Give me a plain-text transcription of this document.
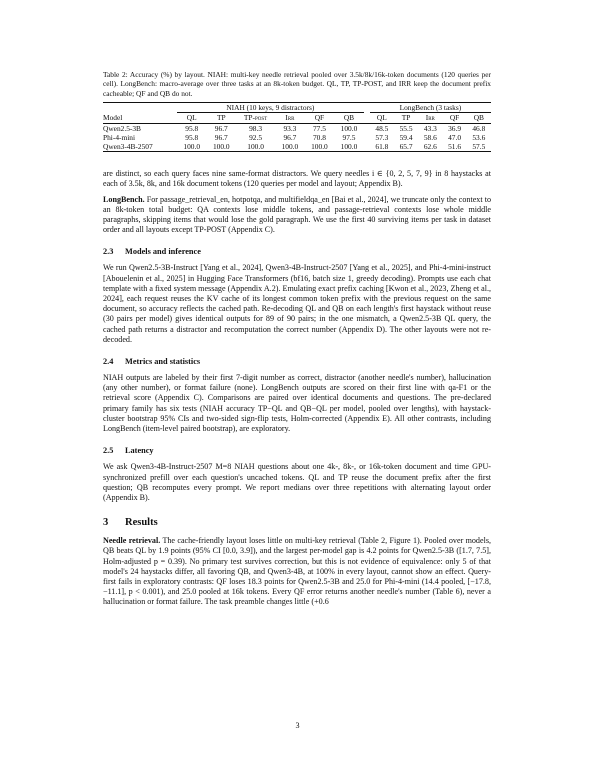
Table 2: Accuracy (%) by layout. NIAH: multi-key needle retrieval pooled over 3.5k/8k/16k-token documents (120 queries per cell). LongBench: macro-average over three tasks at an 8k-token budget. QL, TP, TP-POST, and IRR keep the document prefix cacheable; QF and QB do not.

	NIAH (10 keys, 9 distractors)							LongBench (3 tasks)				
Model	QL	TP	TP-post	Irr	QF	QB		QL	TP	Irr	QF	QB
Qwen2.5-3B	95.8	96.7	98.3	93.3	77.5	100.0		48.5	55.5	43.3	36.9	46.8
Phi-4-mini	95.8	96.7	92.5	96.7	70.8	97.5		57.3	59.4	58.6	47.0	53.6
Qwen3-4B-2507	100.0	100.0	100.0	100.0	100.0	100.0		61.8	65.7	62.6	51.6	57.5

are distinct, so each query faces nine same-format distractors. We query needles i ∈ {0, 2, 5, 7, 9} in 8 haystacks at each of 3.5k, 8k, and 16k document tokens (120 queries per model and layout; Appendix B).

LongBench. For passage_retrieval_en, hotpotqa, and multifieldqa_en [Bai et al., 2024], we truncate only the context to an 8k-token total budget: QA contexts lose middle tokens, and passage-retrieval contexts lose whole middle paragraphs, skipping items that would lose the gold paragraph. We use the first 40 surviving items per task in dataset order and all layouts except TP-POST (Appendix C).

2.3	Models and inference

We run Qwen2.5-3B-Instruct [Yang et al., 2024], Qwen3-4B-Instruct-2507 [Yang et al., 2025], and Phi-4-mini-instruct [Abouelenin et al., 2025] in Hugging Face Transformers (bf16, batch size 1, greedy decoding). Prompts use each chat template with a fixed system message (Appendix A.2). Emulating exact prefix caching [Kwon et al., 2023, Zheng et al., 2024], each request reuses the KV cache of its longest common token prefix with the previous request on the same document, so accuracy reflects the cached path. Re-decoding QL and QB on each length's first haystack without reuse (30 pairs per model) gives identical outputs for 89 of 90 pairs; in the one mismatch, a Qwen2.5-3B QL query, the cached path returns a distractor and recomputation the correct number (Appendix D). The other layouts were not re-decoded.

2.4	Metrics and statistics

NIAH outputs are labeled by their first 7-digit number as correct, distractor (another needle's number), hallucination (any other number), or format failure (none). LongBench outputs are scored on their first line with qa-F1 or the retrieval score (Appendix C). Comparisons are paired over identical documents and questions. The pre-declared primary family has six tests (NIAH accuracy TP−QL and QB−QL per model, pooled over lengths), with haystack-cluster bootstrap 95% CIs and two-sided sign-flip tests, Holm-corrected (Appendix E). All other contrasts, including LongBench (item-level paired bootstrap), are exploratory.

2.5	Latency

We ask Qwen3-4B-Instruct-2507 M=8 NIAH questions about one 4k-, 8k-, or 16k-token document and time GPU-synchronized prefill over each question's uncached tokens. QL and TP reuse the document prefix after the first question; QB recomputes every prompt. We report medians over three repetitions with alternating layout order (Appendix B).

3	Results

Needle retrieval. The cache-friendly layout loses little on multi-key retrieval (Table 2, Figure 1). Pooled over models, QB beats QL by 1.9 points (95% CI [0.0, 3.9]), and the largest per-model gap is 4.2 points for Qwen2.5-3B ([1.7, 7.5], Holm-adjusted p = 0.39). No primary test survives correction, but this is not evidence of equivalence: only 5 of that model's 24 haystacks differ, all favoring QB, and Qwen3-4B, at 100% in every layout, cannot show an effect. Query-first fails in exploratory contrasts: QF loses 18.3 points for Qwen2.5-3B and 25.0 for Phi-4-mini (14.4 pooled, [−17.8, −11.1], p < 0.001), and 25.0 pooled at 16k tokens. Every QF error returns another needle's number (Table 6), never a hallucination or format failure. The task preamble changes little (+0.6

3
